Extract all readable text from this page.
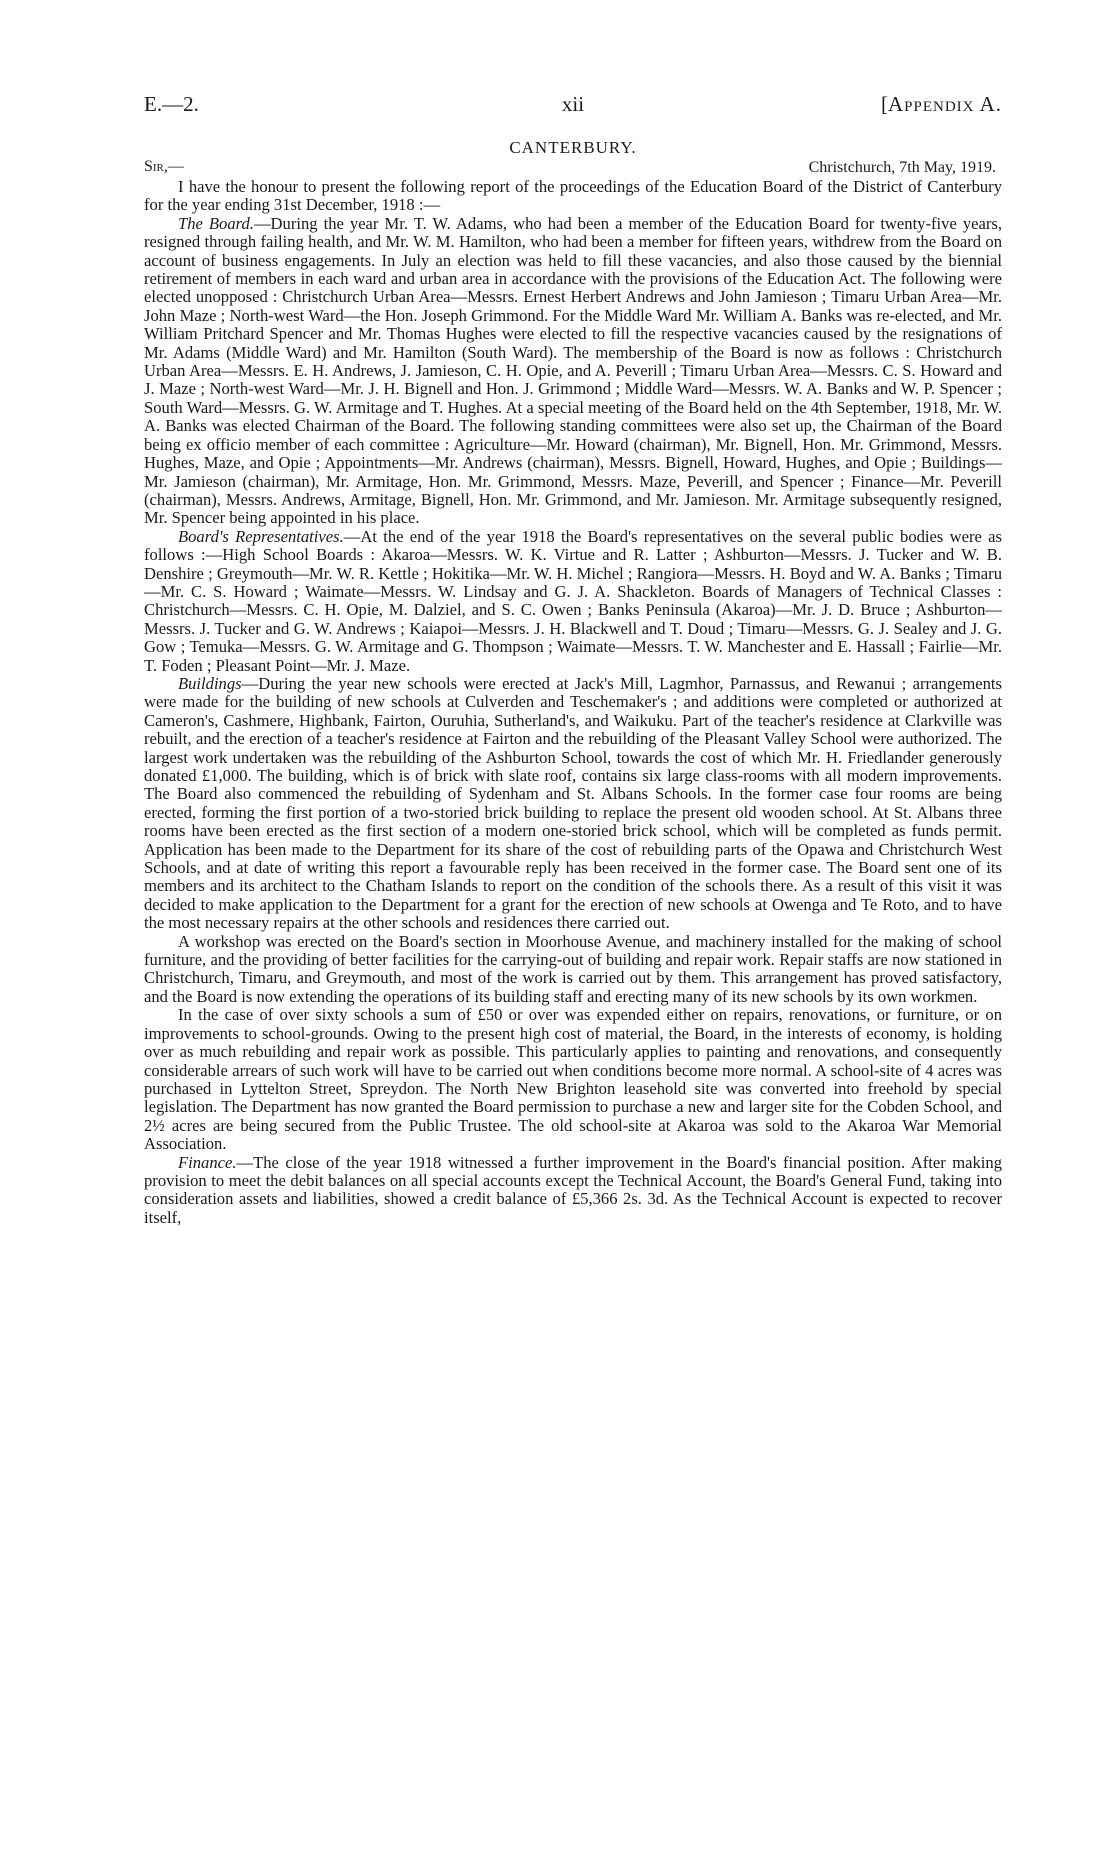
E.—2.	xii	[Appendix A.
CANTERBURY.
Sir,—	Christchurch, 7th May, 1919.

I have the honour to present the following report of the proceedings of the Education Board of the District of Canterbury for the year ending 31st December, 1918 :—

The Board.—During the year Mr. T. W. Adams, who had been a member of the Education Board for twenty-five years, resigned through failing health, and Mr. W. M. Hamilton, who had been a member for fifteen years, withdrew from the Board on account of business engagements. In July an election was held to fill these vacancies, and also those caused by the biennial retirement of members in each ward and urban area in accordance with the provisions of the Education Act. The following were elected unopposed : Christchurch Urban Area—Messrs. Ernest Herbert Andrews and John Jamieson ; Timaru Urban Area—Mr. John Maze ; North-west Ward—the Hon. Joseph Grimmond. For the Middle Ward Mr. William A. Banks was re-elected, and Mr. William Pritchard Spencer and Mr. Thomas Hughes were elected to fill the respective vacancies caused by the resignations of Mr. Adams (Middle Ward) and Mr. Hamilton (South Ward). The membership of the Board is now as follows : Christchurch Urban Area—Messrs. E. H. Andrews, J. Jamieson, C. H. Opie, and A. Peverill ; Timaru Urban Area—Messrs. C. S. Howard and J. Maze ; North-west Ward—Mr. J. H. Bignell and Hon. J. Grimmond ; Middle Ward—Messrs. W. A. Banks and W. P. Spencer ; South Ward—Messrs. G. W. Armitage and T. Hughes. At a special meeting of the Board held on the 4th September, 1918, Mr. W. A. Banks was elected Chairman of the Board. The following standing committees were also set up, the Chairman of the Board being ex officio member of each committee : Agriculture—Mr. Howard (chairman), Mr. Bignell, Hon. Mr. Grimmond, Messrs. Hughes, Maze, and Opie ; Appointments—Mr. Andrews (chairman), Messrs. Bignell, Howard, Hughes, and Opie ; Buildings—Mr. Jamieson (chairman), Mr. Armitage, Hon. Mr. Grimmond, Messrs. Maze, Peverill, and Spencer ; Finance—Mr. Peverill (chairman), Messrs. Andrews, Armitage, Bignell, Hon. Mr. Grimmond, and Mr. Jamieson. Mr. Armitage subsequently resigned, Mr. Spencer being appointed in his place.

Board's Representatives.—At the end of the year 1918 the Board's representatives on the several public bodies were as follows :—High School Boards : Akaroa—Messrs. W. K. Virtue and R. Latter ; Ashburton—Messrs. J. Tucker and W. B. Denshire ; Greymouth—Mr. W. R. Kettle ; Hokitika—Mr. W. H. Michel ; Rangiora—Messrs. H. Boyd and W. A. Banks ; Timaru—Mr. C. S. Howard ; Waimate—Messrs. W. Lindsay and G. J. A. Shackleton. Boards of Managers of Technical Classes : Christchurch—Messrs. C. H. Opie, M. Dalziel, and S. C. Owen ; Banks Peninsula (Akaroa)—Mr. J. D. Bruce ; Ashburton—Messrs. J. Tucker and G. W. Andrews ; Kaiapoi—Messrs. J. H. Blackwell and T. Doud ; Timaru—Messrs. G. J. Sealey and J. G. Gow ; Temuka—Messrs. G. W. Armitage and G. Thompson ; Waimate—Messrs. T. W. Manchester and E. Hassall ; Fairlie—Mr. T. Foden ; Pleasant Point—Mr. J. Maze.

Buildings—During the year new schools were erected at Jack's Mill, Lagmhor, Parnassus, and Rewanui ; arrangements were made for the building of new schools at Culverden and Teschemaker's ; and additions were completed or authorized at Cameron's, Cashmere, Highbank, Fairton, Ouruhia, Sutherland's, and Waikuku. Part of the teacher's residence at Clarkville was rebuilt, and the erection of a teacher's residence at Fairton and the rebuilding of the Pleasant Valley School were authorized. The largest work undertaken was the rebuilding of the Ashburton School, towards the cost of which Mr. H. Friedlander generously donated £1,000. The building, which is of brick with slate roof, contains six large class-rooms with all modern improvements. The Board also commenced the rebuilding of Sydenham and St. Albans Schools. In the former case four rooms are being erected, forming the first portion of a two-storied brick building to replace the present old wooden school. At St. Albans three rooms have been erected as the first section of a modern one-storied brick school, which will be completed as funds permit. Application has been made to the Department for its share of the cost of rebuilding parts of the Opawa and Christchurch West Schools, and at date of writing this report a favourable reply has been received in the former case. The Board sent one of its members and its architect to the Chatham Islands to report on the condition of the schools there. As a result of this visit it was decided to make application to the Department for a grant for the erection of new schools at Owenga and Te Roto, and to have the most necessary repairs at the other schools and residences there carried out.

A workshop was erected on the Board's section in Moorhouse Avenue, and machinery installed for the making of school furniture, and the providing of better facilities for the carrying-out of building and repair work. Repair staffs are now stationed in Christchurch, Timaru, and Greymouth, and most of the work is carried out by them. This arrangement has proved satisfactory, and the Board is now extending the operations of its building staff and erecting many of its new schools by its own workmen.

In the case of over sixty schools a sum of £50 or over was expended either on repairs, renovations, or furniture, or on improvements to school-grounds. Owing to the present high cost of material, the Board, in the interests of economy, is holding over as much rebuilding and repair work as possible. This particularly applies to painting and renovations, and consequently considerable arrears of such work will have to be carried out when conditions become more normal. A school-site of 4 acres was purchased in Lyttelton Street, Spreydon. The North New Brighton leasehold site was converted into freehold by special legislation. The Department has now granted the Board permission to purchase a new and larger site for the Cobden School, and 2½ acres are being secured from the Public Trustee. The old school-site at Akaroa was sold to the Akaroa War Memorial Association.

Finance.—The close of the year 1918 witnessed a further improvement in the Board's financial position. After making provision to meet the debit balances on all special accounts except the Technical Account, the Board's General Fund, taking into consideration assets and liabilities, showed a credit balance of £5,366 2s. 3d. As the Technical Account is expected to recover itself,
